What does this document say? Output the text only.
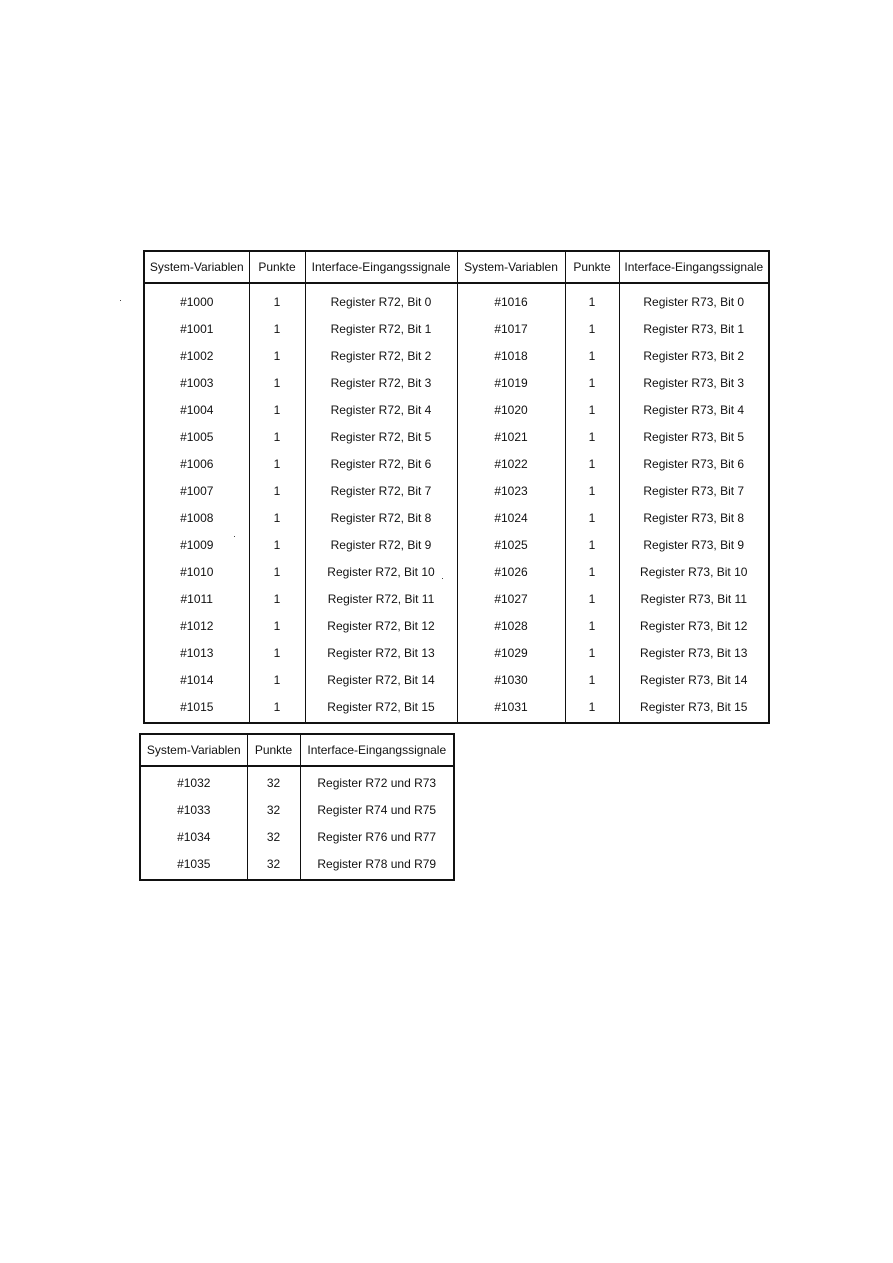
System-Variablen	Punkte	Interface-Eingangssignale	System-Variablen	Punkte	Interface-Eingangssignale
#1000	1	Register R72, Bit 0	#1016	1	Register R73, Bit 0
#1001	1	Register R72, Bit 1	#1017	1	Register R73, Bit 1
#1002	1	Register R72, Bit 2	#1018	1	Register R73, Bit 2
#1003	1	Register R72, Bit 3	#1019	1	Register R73, Bit 3
#1004	1	Register R72, Bit 4	#1020	1	Register R73, Bit 4
#1005	1	Register R72, Bit 5	#1021	1	Register R73, Bit 5
#1006	1	Register R72, Bit 6	#1022	1	Register R73, Bit 6
#1007	1	Register R72, Bit 7	#1023	1	Register R73, Bit 7
#1008	1	Register R72, Bit 8	#1024	1	Register R73, Bit 8
#1009	1	Register R72, Bit 9	#1025	1	Register R73, Bit 9
#1010	1	Register R72, Bit 10	#1026	1	Register R73, Bit 10
#1011	1	Register R72, Bit 11	#1027	1	Register R73, Bit 11
#1012	1	Register R72, Bit 12	#1028	1	Register R73, Bit 12
#1013	1	Register R72, Bit 13	#1029	1	Register R73, Bit 13
#1014	1	Register R72, Bit 14	#1030	1	Register R73, Bit 14
#1015	1	Register R72, Bit 15	#1031	1	Register R73, Bit 15
System-Variablen	Punkte	Interface-Eingangssignale
#1032	32	Register R72 und R73
#1033	32	Register R74 und R75
#1034	32	Register R76 und R77
#1035	32	Register R78 und R79
